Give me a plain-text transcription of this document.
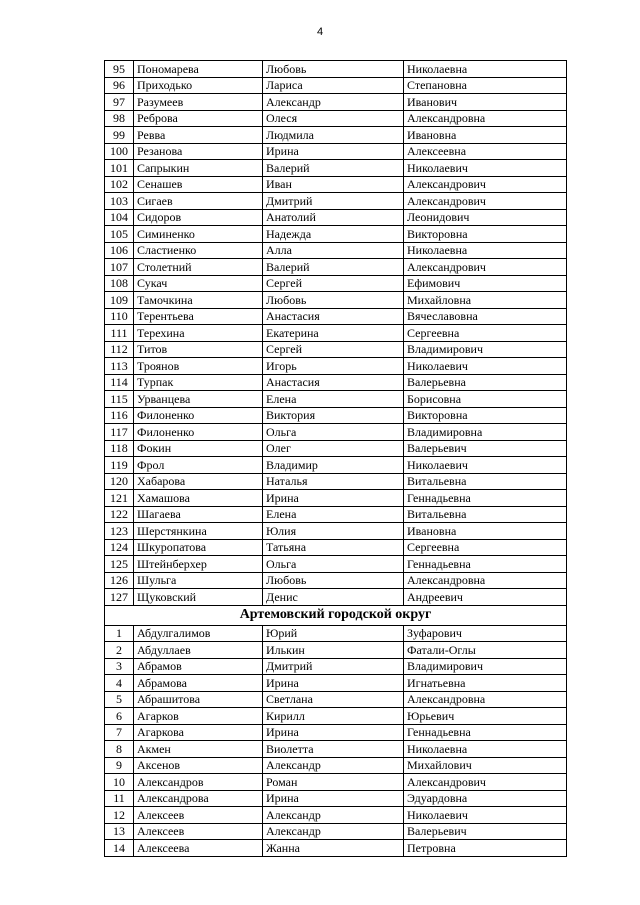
4
95	Пономарева	Любовь	Николаевна
96	Приходько	Лариса	Степановна
97	Разумеев	Александр	Иванович
98	Реброва	Олеся	Александровна
99	Ревва	Людмила	Ивановна
100	Резанова	Ирина	Алексеевна
101	Сапрыкин	Валерий	Николаевич
102	Сенашев	Иван	Александрович
103	Сигаев	Дмитрий	Александрович
104	Сидоров	Анатолий	Леонидович
105	Симиненко	Надежда	Викторовна
106	Сластиенко	Алла	Николаевна
107	Столетний	Валерий	Александрович
108	Сукач	Сергей	Ефимович
109	Тамочкина	Любовь	Михайловна
110	Терентьева	Анастасия	Вячеславовна
111	Терехина	Екатерина	Сергеевна
112	Титов	Сергей	Владимирович
113	Троянов	Игорь	Николаевич
114	Турпак	Анастасия	Валерьевна
115	Урванцева	Елена	Борисовна
116	Филоненко	Виктория	Викторовна
117	Филоненко	Ольга	Владимировна
118	Фокин	Олег	Валерьевич
119	Фрол	Владимир	Николаевич
120	Хабарова	Наталья	Витальевна
121	Хамашова	Ирина	Геннадьевна
122	Шагаева	Елена	Витальевна
123	Шерстянкина	Юлия	Ивановна
124	Шкуропатова	Татьяна	Сергеевна
125	Штейнберхер	Ольга	Геннадьевна
126	Шульга	Любовь	Александровна
127	Щуковский	Денис	Андреевич
Артемовский городской округ			
1	Абдулгалимов	Юрий	Зуфарович
2	Абдуллаев	Илькин	Фатали-Оглы
3	Абрамов	Дмитрий	Владимирович
4	Абрамова	Ирина	Игнатьевна
5	Абрашитова	Светлана	Александровна
6	Агарков	Кирилл	Юрьевич
7	Агаркова	Ирина	Геннадьевна
8	Акмен	Виолетта	Николаевна
9	Аксенов	Александр	Михайлович
10	Александров	Роман	Александрович
11	Александрова	Ирина	Эдуардовна
12	Алексеев	Александр	Николаевич
13	Алексеев	Александр	Валерьевич
14	Алексеева	Жанна	Петровна
